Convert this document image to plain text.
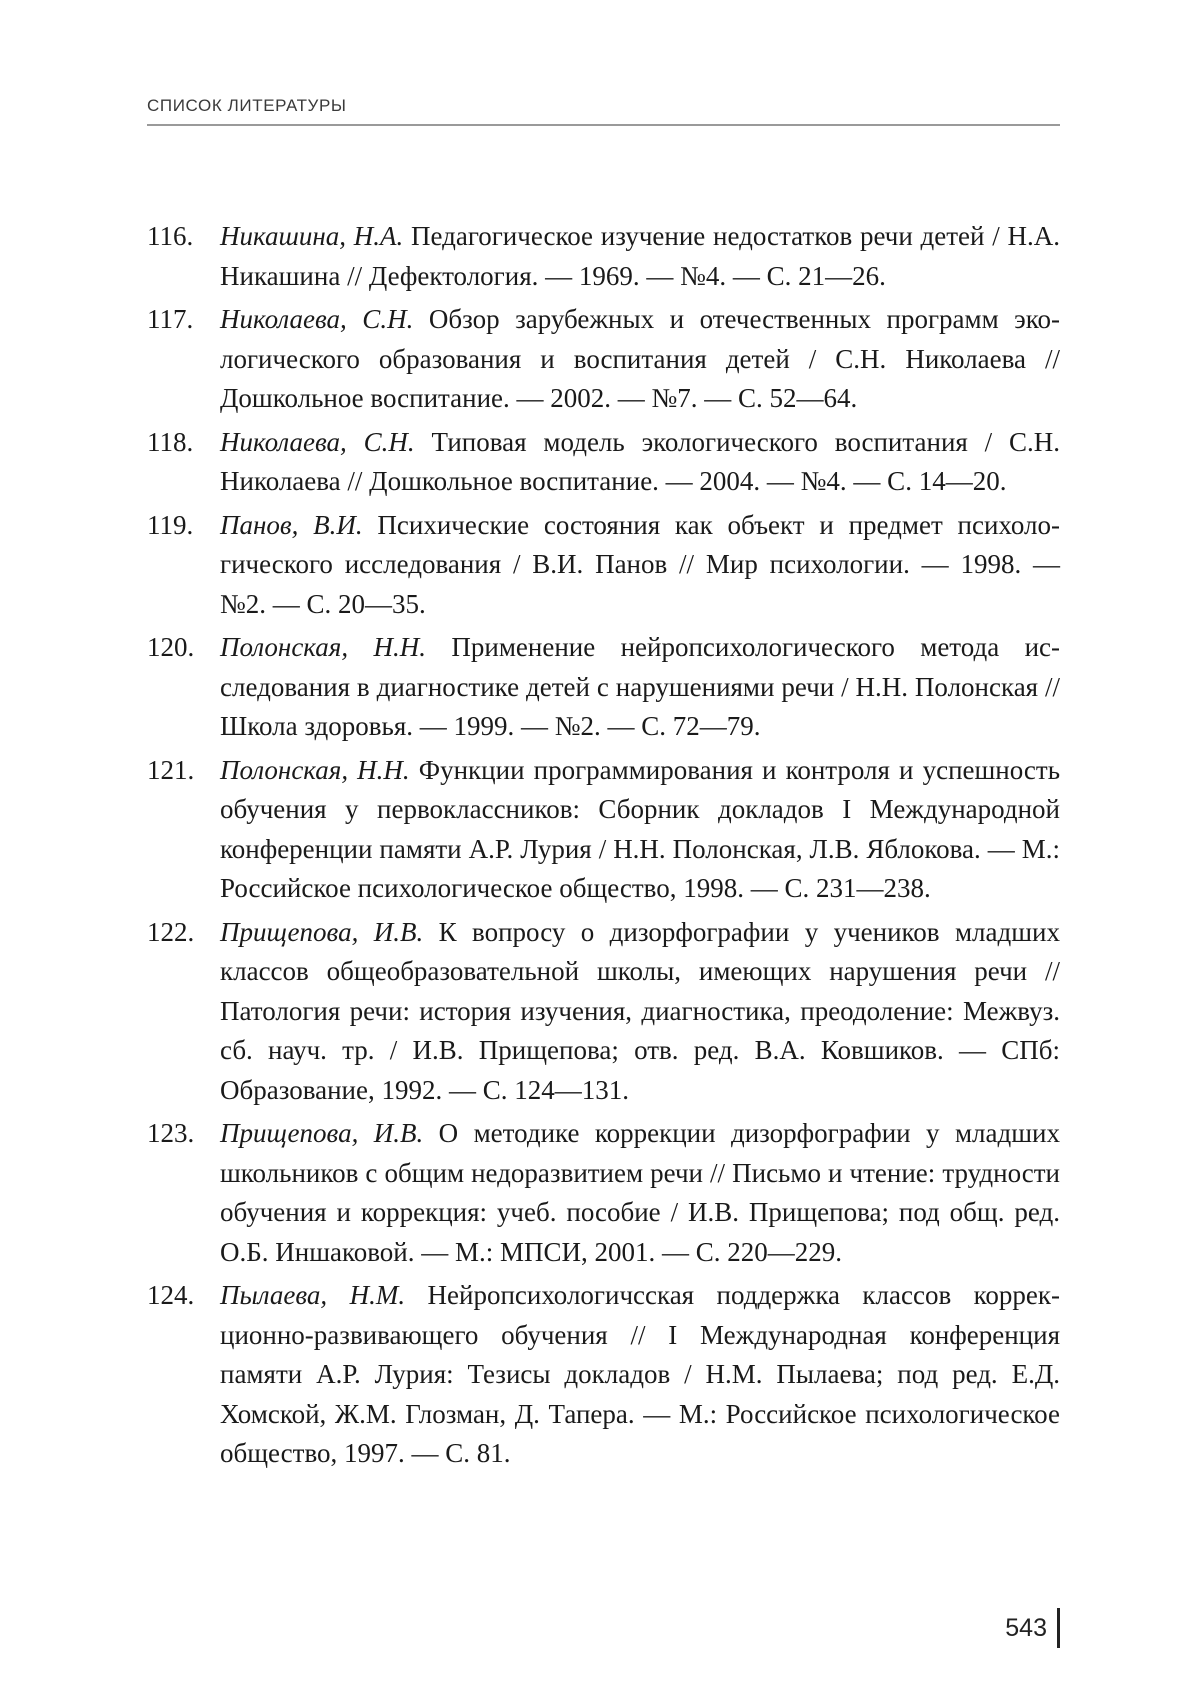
СПИСОК ЛИТЕРАТУРЫ
116. Никашина, Н.А. Педагогическое изучение недостатков речи детей / Н.А. Никашина // Дефектология. — 1969. — №4. — С. 21—26.
117. Николаева, С.Н. Обзор зарубежных и отечественных программ экологического образования и воспитания детей / С.Н. Николаева // Дошкольное воспитание. — 2002. — №7. — С. 52—64.
118. Николаева, С.Н. Типовая модель экологического воспитания / С.Н. Николаева // Дошкольное воспитание. — 2004. — №4. — С. 14—20.
119. Панов, В.И. Психические состояния как объект и предмет психологического исследования / В.И. Панов // Мир психологии. — 1998. — №2. — С. 20—35.
120. Полонская, Н.Н. Применение нейропсихологического метода исследования в диагностике детей с нарушениями речи / Н.Н. Полонская // Школа здоровья. — 1999. — №2. — С. 72—79.
121. Полонская, Н.Н. Функции программирования и контроля и успешность обучения у первоклассников: Сборник докладов I Международной конференции памяти А.Р. Лурия / Н.Н. Полонская, Л.В. Яблокова. — М.: Российское психологическое общество, 1998. — С. 231—238.
122. Прищепова, И.В. К вопросу о дизорфографии у учеников младших классов общеобразовательной школы, имеющих нарушения речи // Патология речи: история изучения, диагностика, преодоление: Межвуз. сб. науч. тр. / И.В. Прищепова; отв. ред. В.А. Ковшиков. — СПб: Образование, 1992. — С. 124—131.
123. Прищепова, И.В. О методике коррекции дизорфографии у младших школьников с общим недоразвитием речи // Письмо и чтение: трудности обучения и коррекция: учеб. пособие / И.В. Прищепова; под общ. ред. О.Б. Иншаковой. — М.: МПСИ, 2001. — С. 220—229.
124. Пылаева, Н.М. Нейропсихологичсская поддержка классов коррекционно-развивающего обучения // I Международная конференция памяти А.Р. Лурия: Тезисы докладов / Н.М. Пылаева; под ред. Е.Д. Хомской, Ж.М. Глозман, Д. Тапера. — М.: Российское психологическое общество, 1997. — С. 81.
543
